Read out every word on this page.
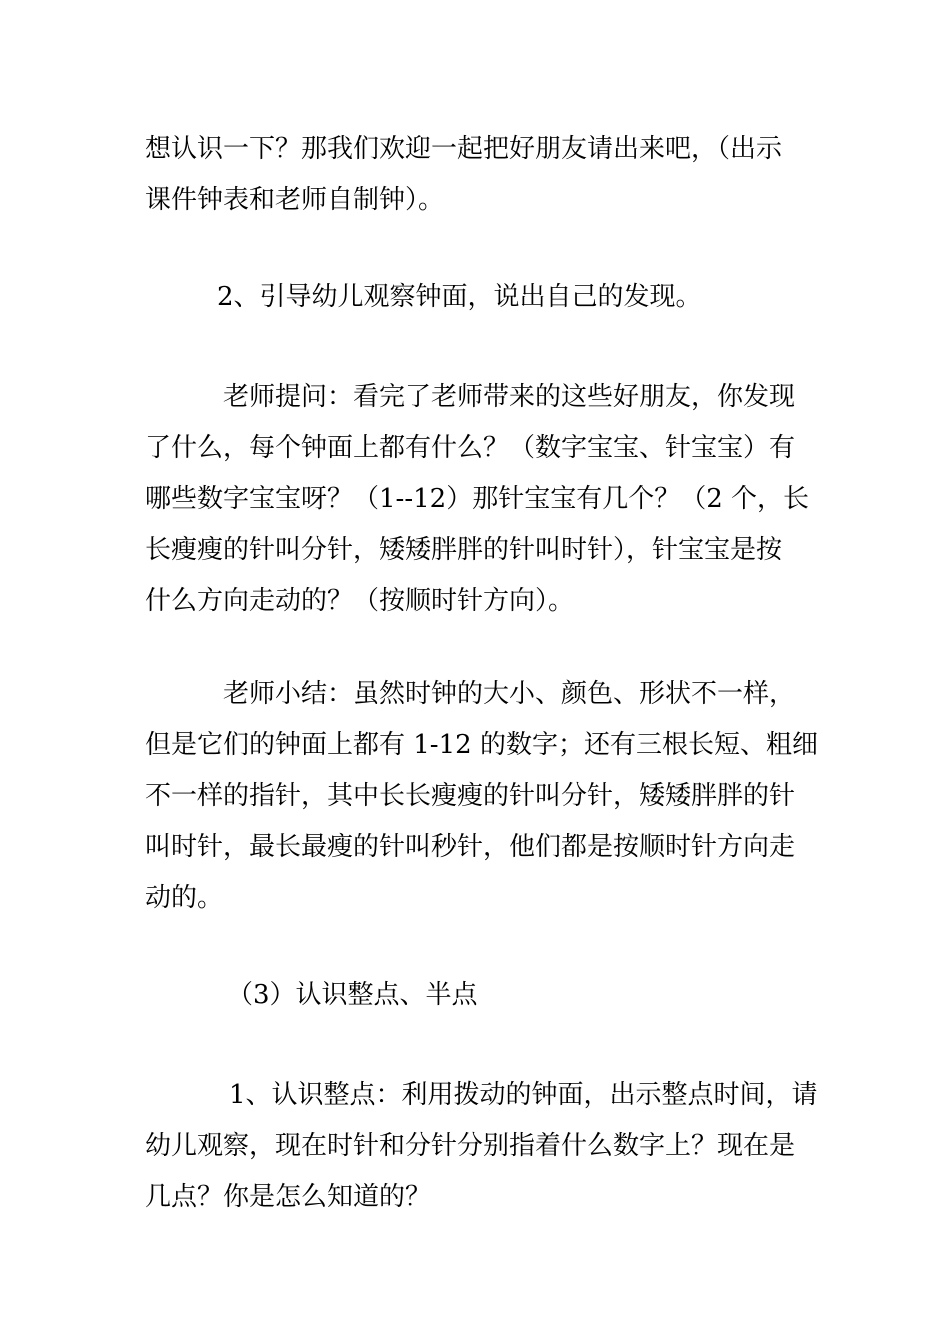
想认识一下？那我们欢迎一起把好朋友请出来吧，（出示
课件钟表和老师自制钟）。

2、引导幼儿观察钟面，说出自己的发现。

老师提问：看完了老师带来的这些好朋友，你发现
了什么，每个钟面上都有什么？（数字宝宝、针宝宝）有
哪些数字宝宝呀？（1--12）那针宝宝有几个？（2 个，长
长瘦瘦的针叫分针，矮矮胖胖的针叫时针），针宝宝是按
什么方向走动的？（按顺时针方向）。

老师小结：虽然时钟的大小、颜色、形状不一样，
但是它们的钟面上都有 1-12 的数字；还有三根长短、粗细
不一样的指针，其中长长瘦瘦的针叫分针，矮矮胖胖的针
叫时针，最长最瘦的针叫秒针，他们都是按顺时针方向走
动的。

（3）认识整点、半点

1、认识整点：利用拨动的钟面，出示整点时间，请
幼儿观察，现在时针和分针分别指着什么数字上？现在是
几点？你是怎么知道的？
